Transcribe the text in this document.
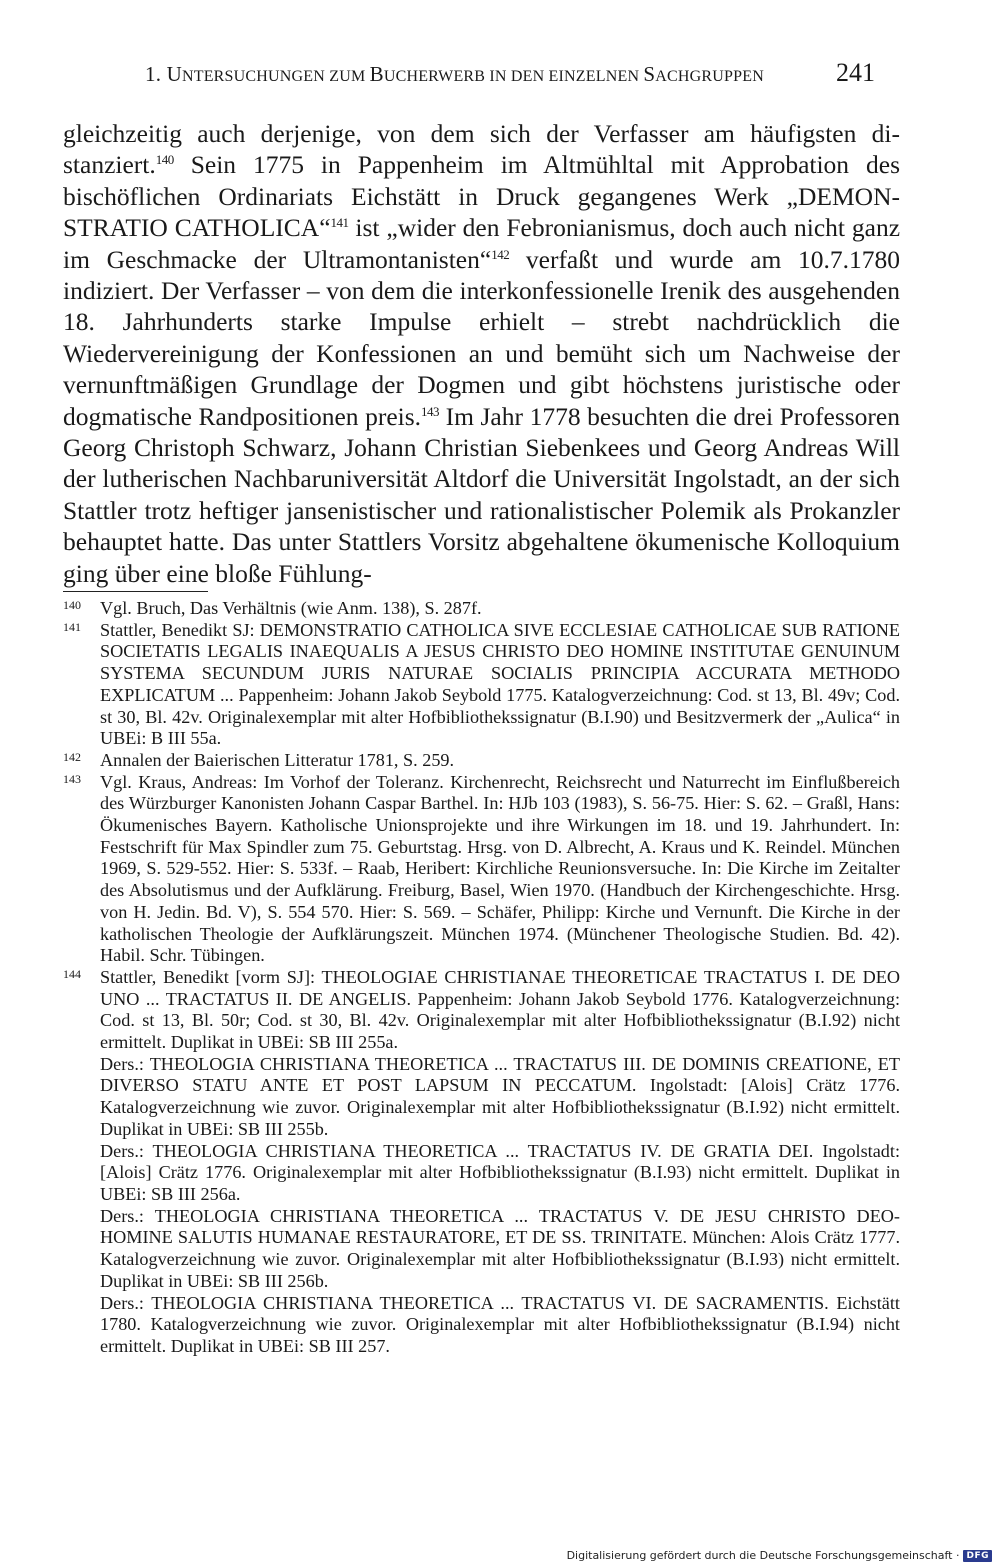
1. UNTERSUCHUNGEN ZUM BUCHERWERB IN DEN EINZELNEN SACHGRUPPEN	241

gleichzeitig auch derjenige, von dem sich der Verfasser am häufigsten distanziert.$^{140}$ Sein 1775 in Pappenheim im Altmühltal mit Approbation des bischöflichen Ordinariats Eichstätt in Druck gegangenes Werk „DEMONSTRATIO CATHOLICA“$^{141}$ ist „wider den Febronianismus, doch auch nicht ganz im Geschmacke der Ultramontanisten“$^{142}$ verfaßt und wurde am 10.7.1780 indiziert. Der Verfasser – von dem die interkonfessionelle Irenik des ausgehenden 18. Jahrhunderts starke Impulse erhielt – strebt nachdrücklich die Wiedervereinigung der Konfessionen an und bemüht sich um Nachweise der vernunftmäßigen Grundlage der Dogmen und gibt höchstens juristische oder dogmatische Randpositionen preis.$^{143}$ Im Jahr 1778 besuchten die drei Professoren Georg Christoph Schwarz, Johann Christian Siebenkees und Georg Andreas Will der lutherischen Nachbaruniversität Altdorf die Universität Ingolstadt, an der sich Stattler trotz heftiger jansenistischer und rationalistischer Polemik als Prokanzler behauptet hatte. Das unter Stattlers Vorsitz abgehaltene ökumenische Kolloquium ging über eine bloße Fühlung-

140 Vgl. Bruch, Das Verhältnis (wie Anm. 138), S. 287f.

141 Stattler, Benedikt SJ: DEMONSTRATIO CATHOLICA SIVE ECCLESIAE CATHOLICAE SUB RATIONE SOCIETATIS LEGALIS INAEQUALIS A JESUS CHRISTO DEO HOMINE INSTITUTAE GENUINUM SYSTEMA SECUNDUM JURIS NATURAE SOCIALIS PRINCIPIA ACCURATA METHODO EXPLICATUM ... Pappenheim: Johann Jakob Seybold 1775. Katalogverzeichnung: Cod. st 13, Bl. 49v; Cod. st 30, Bl. 42v. Originalexemplar mit alter Hofbibliothekssignatur (B.I.90) und Besitzvermerk der „Aulica“ in UBEi: B III 55a.

142 Annalen der Baierischen Litteratur 1781, S. 259.

143 Vgl. Kraus, Andreas: Im Vorhof der Toleranz. Kirchenrecht, Reichsrecht und Naturrecht im Einflußbereich des Würzburger Kanonisten Johann Caspar Barthel. In: HJb 103 (1983), S. 56-75. Hier: S. 62. – Graßl, Hans: Ökumenisches Bayern. Katholische Unionsprojekte und ihre Wirkungen im 18. und 19. Jahrhundert. In: Festschrift für Max Spindler zum 75. Geburtstag. Hrsg. von D. Albrecht, A. Kraus und K. Reindel. München 1969, S. 529-552. Hier: S. 533f. – Raab, Heribert: Kirchliche Reunionsversuche. In: Die Kirche im Zeitalter des Absolutismus und der Aufklärung. Freiburg, Basel, Wien 1970. (Handbuch der Kirchengeschichte. Hrsg. von H. Jedin. Bd. V), S. 554 570. Hier: S. 569. – Schäfer, Philipp: Kirche und Vernunft. Die Kirche in der katholischen Theologie der Aufklärungszeit. München 1974. (Münchener Theologische Studien. Bd. 42). Habil. Schr. Tübingen.

144 Stattler, Benedikt [vorm SJ]: THEOLOGIAE CHRISTIANAE THEORETICAE TRACTATUS I. DE DEO UNO ... TRACTATUS II. DE ANGELIS. Pappenheim: Johann Jakob Seybold 1776. Katalogverzeichnung: Cod. st 13, Bl. 50r; Cod. st 30, Bl. 42v. Originalexemplar mit alter Hofbibliothekssignatur (B.I.92) nicht ermittelt. Duplikat in UBEi: SB III 255a.

Ders.: THEOLOGIA CHRISTIANA THEORETICA ... TRACTATUS III. DE DOMINIS CREATIONE, ET DIVERSO STATU ANTE ET POST LAPSUM IN PECCATUM. Ingolstadt: [Alois] Crätz 1776. Katalogverzeichnung wie zuvor. Originalexemplar mit alter Hofbibliothekssignatur (B.I.92) nicht ermittelt. Duplikat in UBEi: SB III 255b.

Ders.: THEOLOGIA CHRISTIANA THEORETICA ... TRACTATUS IV. DE GRATIA DEI. Ingolstadt: [Alois] Crätz 1776. Originalexemplar mit alter Hofbibliothekssignatur (B.I.93) nicht ermittelt. Duplikat in UBEi: SB III 256a.

Ders.: THEOLOGIA CHRISTIANA THEORETICA ... TRACTATUS V. DE JESU CHRISTO DEO-HOMINE SALUTIS HUMANAE RESTAURATORE, ET DE SS. TRINITATE. München: Alois Crätz 1777. Katalogverzeichnung wie zuvor. Originalexemplar mit alter Hofbibliothekssignatur (B.I.93) nicht ermittelt. Duplikat in UBEi: SB III 256b.

Ders.: THEOLOGIA CHRISTIANA THEORETICA ... TRACTATUS VI. DE SACRAMENTIS. Eichstätt 1780. Katalogverzeichnung wie zuvor. Originalexemplar mit alter Hofbibliothekssignatur (B.I.94) nicht ermittelt. Duplikat in UBEi: SB III 257.

Digitalisierung gefördert durch die Deutsche Forschungsgemeinschaft · DFG
